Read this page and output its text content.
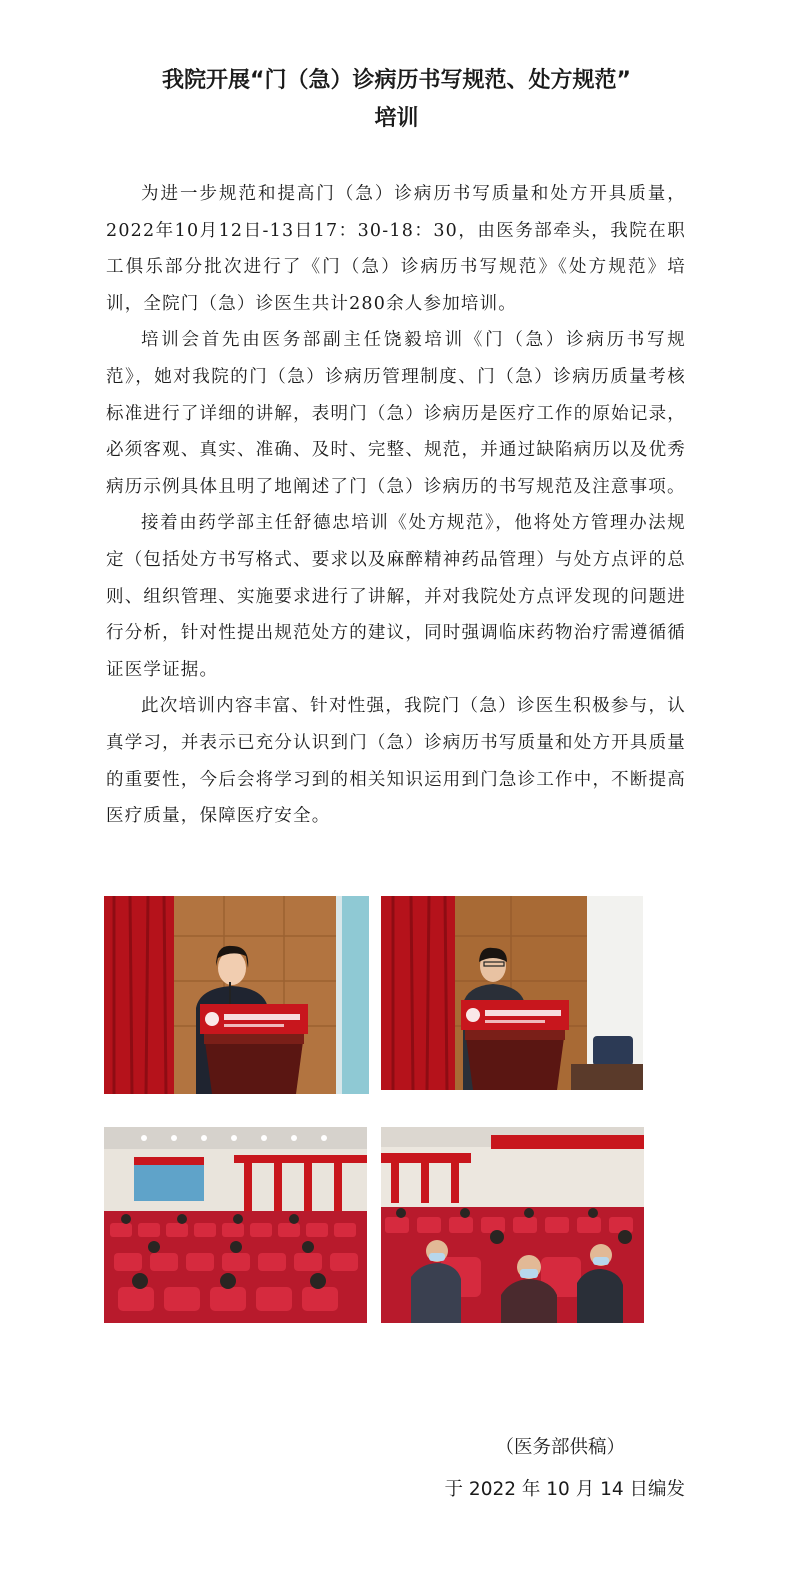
我院开展“门（急）诊病历书写规范、处方规范”
培训

为进一步规范和提高门（急）诊病历书写质量和处方开具质量，2022年10月12日-13日17：30-18：30，由医务部牵头，我院在职工俱乐部分批次进行了《门（急）诊病历书写规范》《处方规范》培训，全院门（急）诊医生共计280余人参加培训。

培训会首先由医务部副主任饶毅培训《门（急）诊病历书写规范》，她对我院的门（急）诊病历管理制度、门（急）诊病历质量考核标准进行了详细的讲解，表明门（急）诊病历是医疗工作的原始记录，必须客观、真实、准确、及时、完整、规范，并通过缺陷病历以及优秀病历示例具体且明了地阐述了门（急）诊病历的书写规范及注意事项。

接着由药学部主任舒德忠培训《处方规范》，他将处方管理办法规定（包括处方书写格式、要求以及麻醉精神药品管理）与处方点评的总则、组织管理、实施要求进行了讲解，并对我院处方点评发现的问题进行分析，针对性提出规范处方的建议，同时强调临床药物治疗需遵循循证医学证据。

此次培训内容丰富、针对性强，我院门（急）诊医生积极参与，认真学习，并表示已充分认识到门（急）诊病历书写质量和处方开具质量的重要性，今后会将学习到的相关知识运用到门急诊工作中，不断提高医疗质量，保障医疗安全。

（医务部供稿）
于 2022 年 10 月 14 日编发
